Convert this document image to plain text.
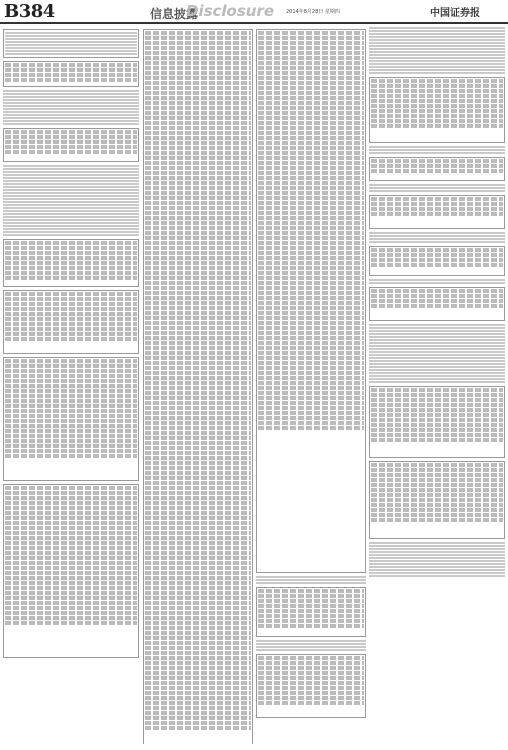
B384	信息披露
Disclosure 2014年8月28日 星期四	中国证券报
